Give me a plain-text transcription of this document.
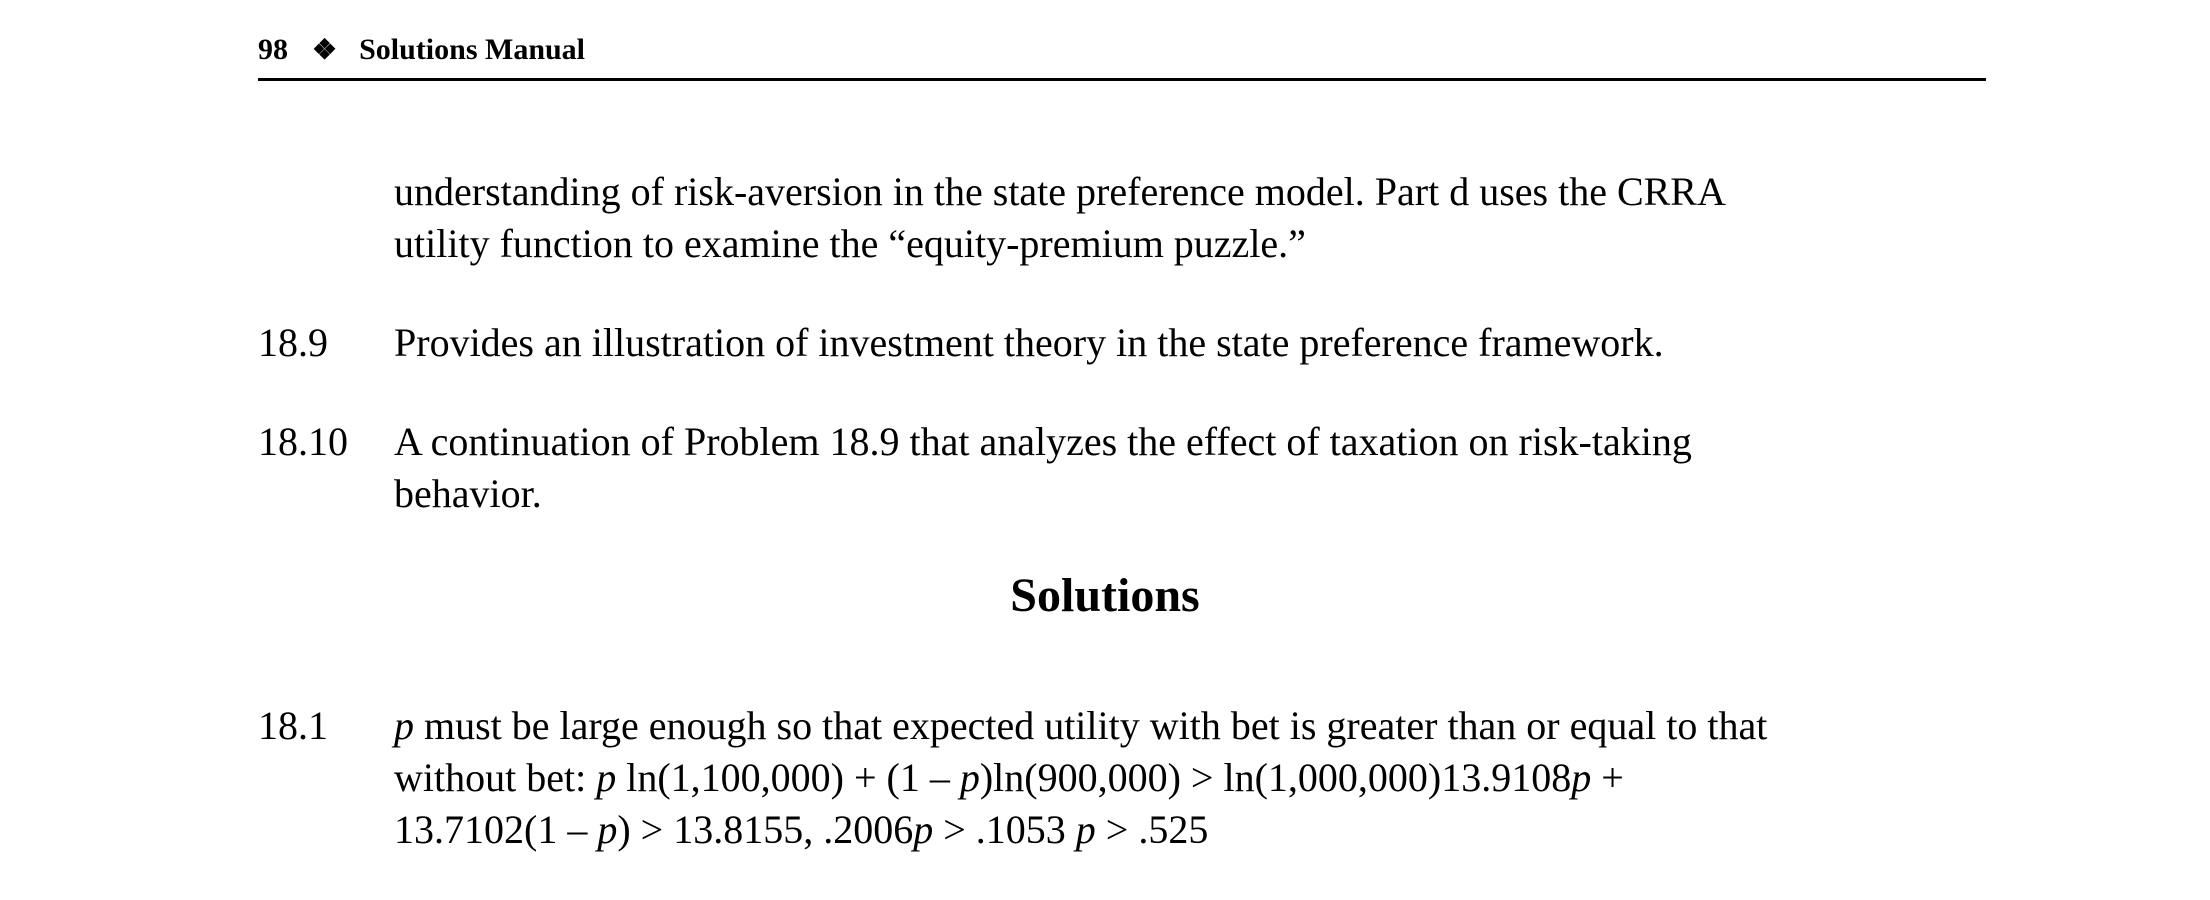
98 ❖ Solutions Manual
understanding of risk-aversion in the state preference model. Part d uses the CRRA
utility function to examine the “equity-premium puzzle.”
18.9	Provides an illustration of investment theory in the state preference framework.
18.10	A continuation of Problem 18.9 that analyzes the effect of taxation on risk-taking
behavior.
Solutions
18.1	p must be large enough so that expected utility with bet is greater than or equal to that
without bet: p ln(1,100,000) + (1 – p)ln(900,000) > ln(1,000,000)13.9108p +
13.7102(1 – p) > 13.8155, .2006p > .1053 p > .525
